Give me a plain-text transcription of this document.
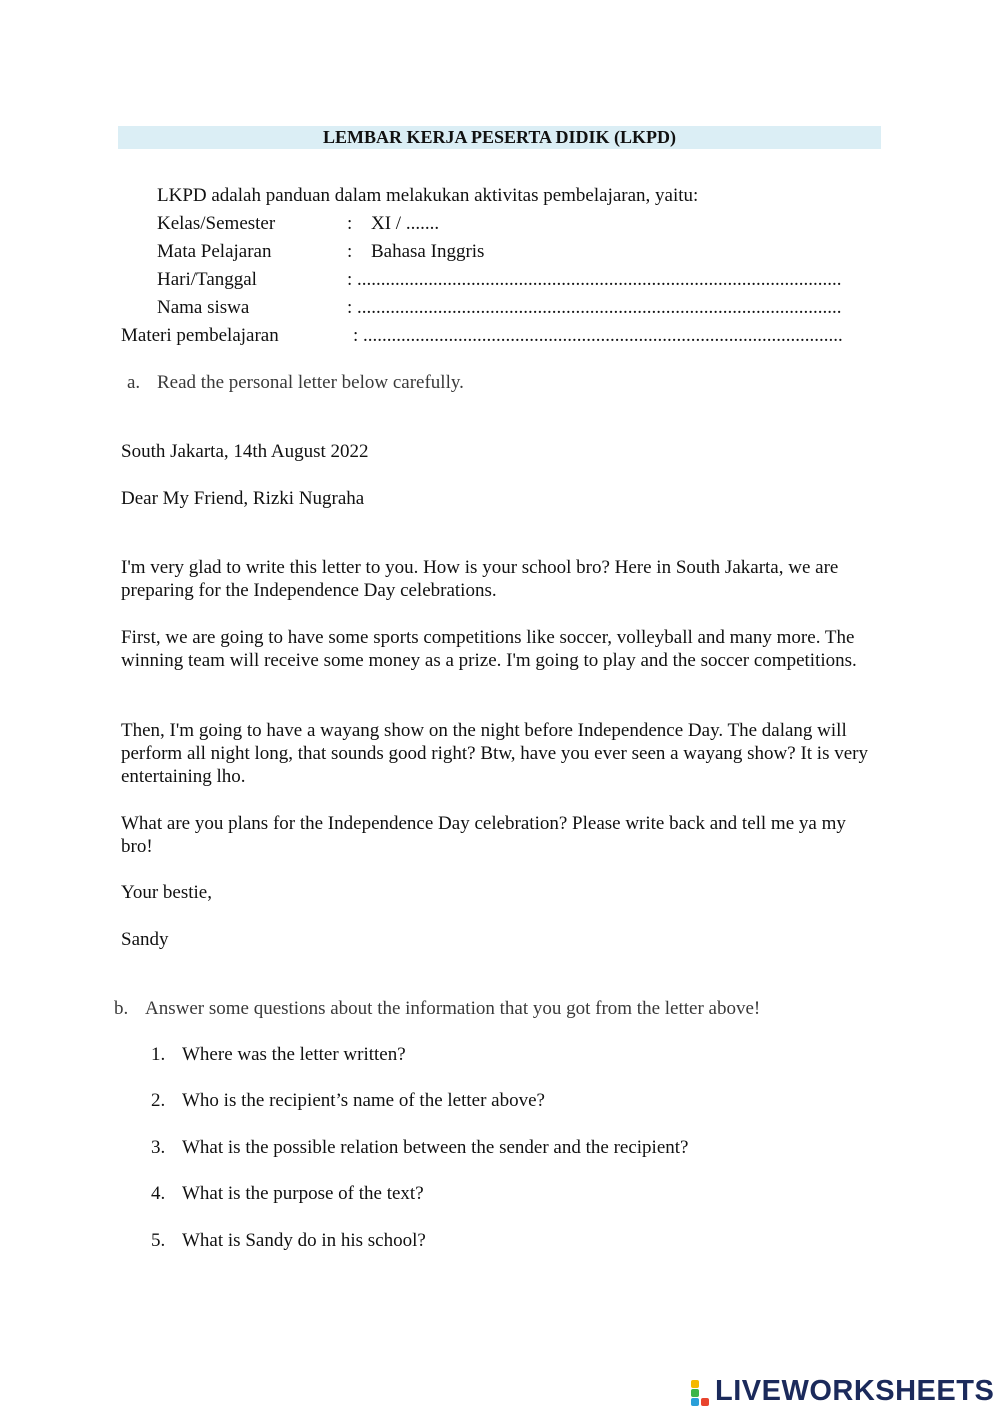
LEMBAR KERJA PESERTA DIDIK (LKPD)
LKPD adalah panduan dalam melakukan aktivitas pembelajaran, yaitu:
Kelas/Semester	: XI / .......
Mata Pelajaran	: Bahasa Inggris
Hari/Tanggal	: ......................................................................................................
Nama siswa	: ......................................................................................................
Materi pembelajaran	: .....................................................................................................
a. Read the personal letter below carefully.
South Jakarta, 14th August 2022
Dear My Friend, Rizki Nugraha
I'm very glad to write this letter to you. How is your school bro? Here in South Jakarta, we are preparing for the Independence Day celebrations.
First, we are going to have some sports competitions like soccer, volleyball and many more. The winning team will receive some money as a prize. I'm going to play and the soccer competitions.
Then, I'm going to have a wayang show on the night before Independence Day. The dalang will perform all night long, that sounds good right? Btw, have you ever seen a wayang show? It is very entertaining lho.
What are you plans for the Independence Day celebration? Please write back and tell me ya my bro!
Your bestie,
Sandy
b. Answer some questions about the information that you got from the letter above!
1. Where was the letter written?
2. Who is the recipient’s name of the letter above?
3. What is the possible relation between the sender and the recipient?
4. What is the purpose of the text?
5. What is Sandy do in his school?
LIVEWORKSHEETS
